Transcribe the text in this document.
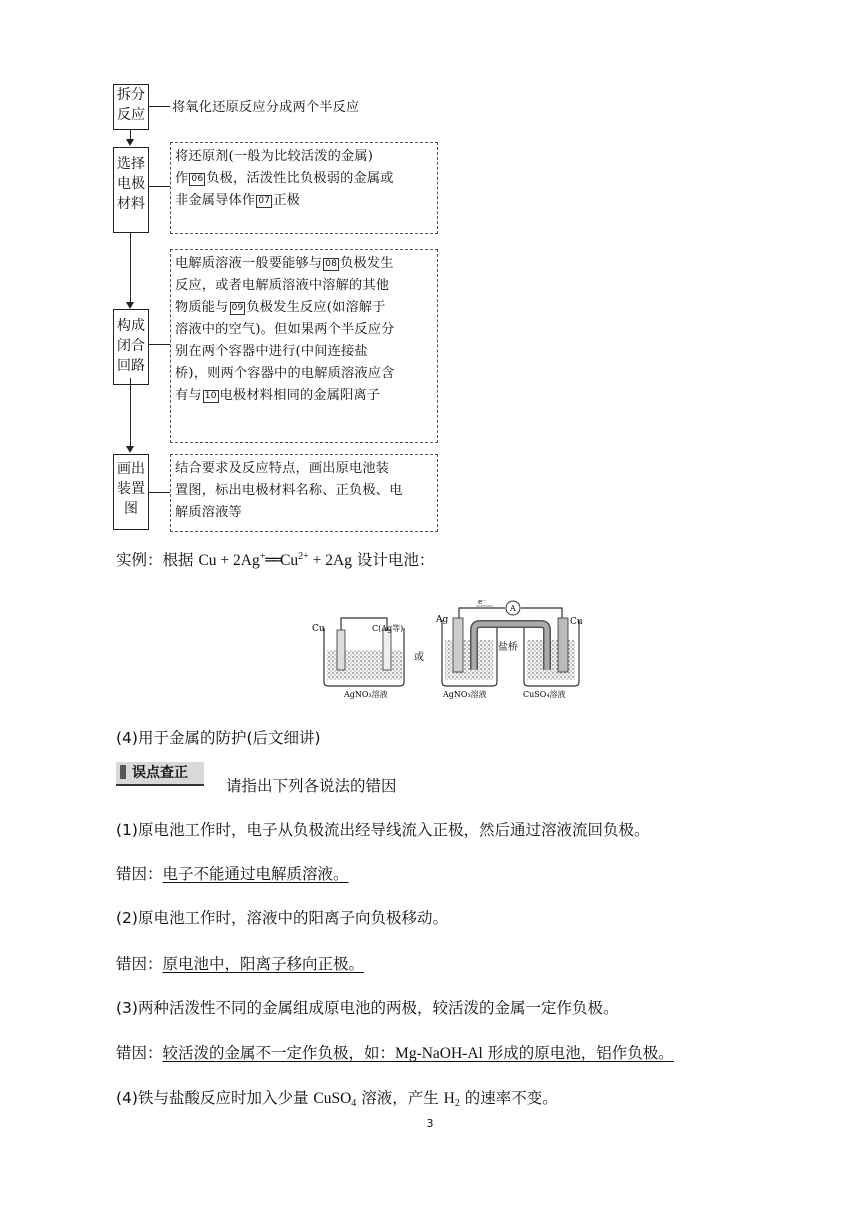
拆分
反应 将氧化还原反应分成两个半反应
选择
电极
材料
将还原剂(一般为比较活泼的金属)
作 06 负极，活泼性比负极弱的金属或
非金属导体作 07 正极
构成
闭合
回路
电解质溶液一般要能够与 08 负极发生
反应，或者电解质溶液中溶解的其他
物质能与 09 负极发生反应(如溶解于
溶液中的空气)。但如果两个半反应分
别在两个容器中进行(中间连接盐
桥)，则两个容器中的电解质溶液应含
有与 10 电极材料相同的金属阳离子
画出
装置
图
结合要求及反应特点，画出原电池装
置图，标出电极材料名称、正负极、电
解质溶液等
实例：根据 $Cu + 2Ag^+══Cu^{2+} + 2Ag$ 设计电池：
Cu	C(Ag等)
AgNO₃溶液
或
A
e⁻
Ag	Cu
盐桥
AgNO₃溶液	CuSO₄溶液
(4)用于金属的防护(后文细讲)
误点查正
请指出下列各说法的错因
(1)原电池工作时，电子从负极流出经导线流入正极，然后通过溶液流回负极。
错因：电子不能通过电解质溶液。
(2)原电池工作时，溶液中的阳离子向负极移动。
错因：原电池中，阳离子移向正极。
(3)两种活泼性不同的金属组成原电池的两极，较活泼的金属一定作负极。
错因：较活泼的金属不一定作负极，如：Mg-NaOH-Al 形成的原电池，铝作负极。
(4)铁与盐酸反应时加入少量 CuSO$_4$ 溶液，产生 $H_2$ 的速率不变。
3
